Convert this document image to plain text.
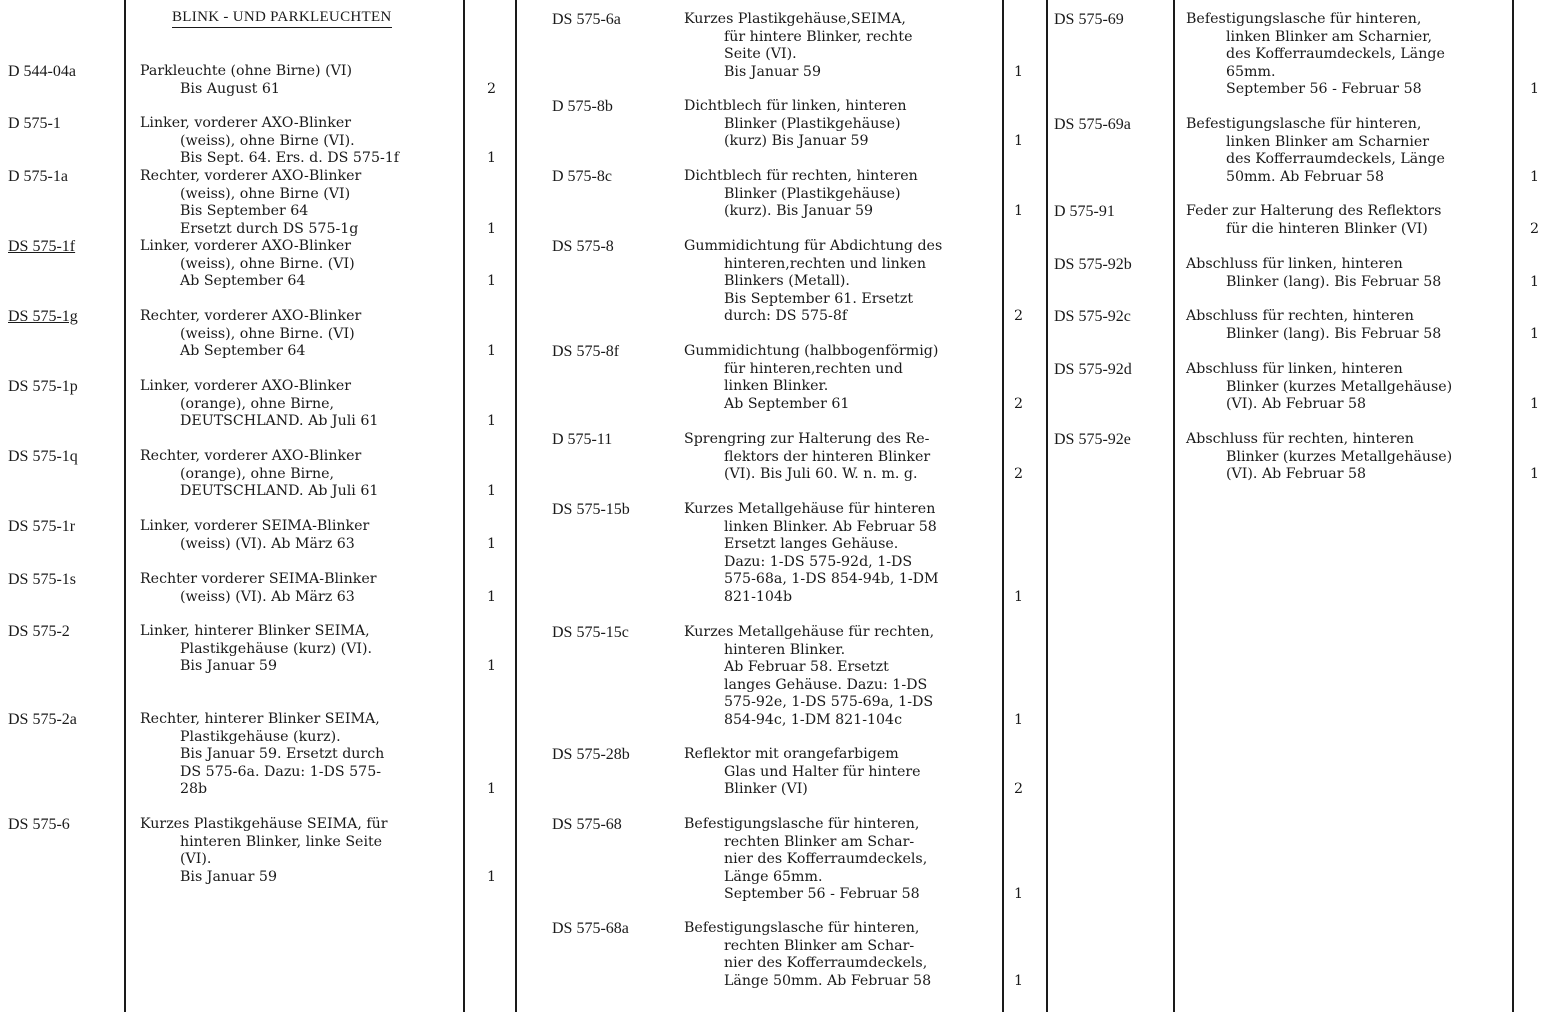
BLINK - UND PARKLEUCHTEN
D 544-04a	Parkleuchte (ohne Birne) (VI)
Bis August 61	2
D 575-1	Linker, vorderer AXO-Blinker
(weiss), ohne Birne (VI).
Bis Sept. 64. Ers. d. DS 575-1f	1
D 575-1a	Rechter, vorderer AXO-Blinker
(weiss), ohne Birne (VI)
Bis September 64
Ersetzt durch DS 575-1g	1
DS 575-1f	Linker, vorderer AXO-Blinker
(weiss), ohne Birne. (VI)
Ab September 64	1
DS 575-1g	Rechter, vorderer AXO-Blinker
(weiss), ohne Birne. (VI)
Ab September 64	1
DS 575-1p	Linker, vorderer AXO-Blinker
(orange), ohne Birne,
DEUTSCHLAND. Ab Juli 61	1
DS 575-1q	Rechter, vorderer AXO-Blinker
(orange), ohne Birne,
DEUTSCHLAND. Ab Juli 61	1
DS 575-1r	Linker, vorderer SEIMA-Blinker
(weiss) (VI). Ab März 63	1
DS 575-1s	Rechter vorderer SEIMA-Blinker
(weiss) (VI). Ab März 63	1
DS 575-2	Linker, hinterer Blinker SEIMA,
Plastikgehäuse (kurz) (VI).
Bis Januar 59	1
DS 575-2a	Rechter, hinterer Blinker SEIMA,
Plastikgehäuse (kurz).
Bis Januar 59. Ersetzt durch
DS 575-6a. Dazu: 1-DS 575-
28b	1
DS 575-6	Kurzes Plastikgehäuse SEIMA, für
hinteren Blinker, linke Seite
(VI).
Bis Januar 59	1
DS 575-6a	Kurzes Plastikgehäuse,SEIMA,
für hintere Blinker, rechte
Seite (VI).
Bis Januar 59	1
D 575-8b	Dichtblech für linken, hinteren
Blinker (Plastikgehäuse)
(kurz) Bis Januar 59	1
D 575-8c	Dichtblech für rechten, hinteren
Blinker (Plastikgehäuse)
(kurz). Bis Januar 59	1
DS 575-8	Gummidichtung für Abdichtung des
hinteren,rechten und linken
Blinkers (Metall).
Bis September 61. Ersetzt
durch: DS 575-8f	2
DS 575-8f	Gummidichtung (halbbogenförmig)
für hinteren,rechten und
linken Blinker.
Ab September 61	2
D 575-11	Sprengring zur Halterung des Re-
flektors der hinteren Blinker
(VI). Bis Juli 60. W. n. m. g.	2
DS 575-15b	Kurzes Metallgehäuse für hinteren
linken Blinker. Ab Februar 58
Ersetzt langes Gehäuse.
Dazu: 1-DS 575-92d, 1-DS
575-68a, 1-DS 854-94b, 1-DM
821-104b	1
DS 575-15c	Kurzes Metallgehäuse für rechten,
hinteren Blinker.
Ab Februar 58. Ersetzt
langes Gehäuse. Dazu: 1-DS
575-92e, 1-DS 575-69a, 1-DS
854-94c, 1-DM 821-104c	1
DS 575-28b	Reflektor mit orangefarbigem
Glas und Halter für hintere
Blinker (VI)	2
DS 575-68	Befestigungslasche für hinteren,
rechten Blinker am Schar-
nier des Kofferraumdeckels,
Länge 65mm.
September 56 - Februar 58	1
DS 575-68a	Befestigungslasche für hinteren,
rechten Blinker am Schar-
nier des Kofferraumdeckels,
Länge 50mm. Ab Februar 58	1
DS 575-69	Befestigungslasche für hinteren,
linken Blinker am Scharnier,
des Kofferraumdeckels, Länge
65mm.
September 56 - Februar 58	1
DS 575-69a	Befestigungslasche für hinteren,
linken Blinker am Scharnier
des Kofferraumdeckels, Länge
50mm. Ab Februar 58	1
D 575-91	Feder zur Halterung des Reflektors
für die hinteren Blinker (VI)	2
DS 575-92b	Abschluss für linken, hinteren
Blinker (lang). Bis Februar 58	1
DS 575-92c	Abschluss für rechten, hinteren
Blinker (lang). Bis Februar 58	1
DS 575-92d	Abschluss für linken, hinteren
Blinker (kurzes Metallgehäuse)
(VI). Ab Februar 58	1
DS 575-92e	Abschluss für rechten, hinteren
Blinker (kurzes Metallgehäuse)
(VI). Ab Februar 58	1
